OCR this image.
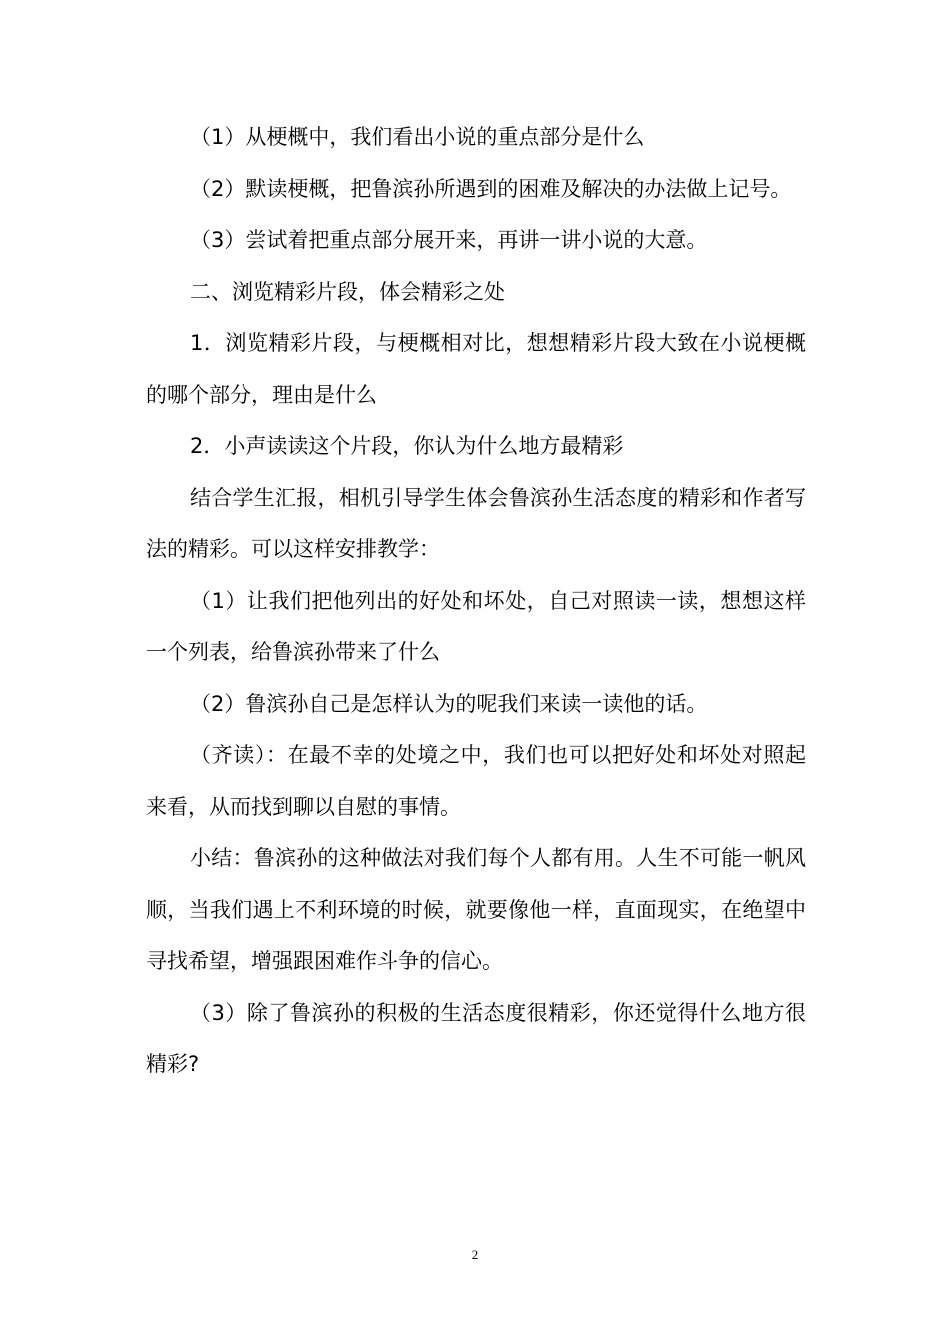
（1）从梗概中，我们看出小说的重点部分是什么

（2）默读梗概，把鲁滨孙所遇到的困难及解决的办法做上记号。

（3）尝试着把重点部分展开来，再讲一讲小说的大意。

二、浏览精彩片段，体会精彩之处

1．浏览精彩片段，与梗概相对比，想想精彩片段大致在小说梗概的哪个部分，理由是什么

2．小声读读这个片段，你认为什么地方最精彩

结合学生汇报，相机引导学生体会鲁滨孙生活态度的精彩和作者写法的精彩。可以这样安排教学：

（1）让我们把他列出的好处和坏处，自己对照读一读，想想这样一个列表，给鲁滨孙带来了什么

（2）鲁滨孙自己是怎样认为的呢我们来读一读他的话。

（齐读）：在最不幸的处境之中，我们也可以把好处和坏处对照起来看，从而找到聊以自慰的事情。

小结：鲁滨孙的这种做法对我们每个人都有用。人生不可能一帆风顺，当我们遇上不利环境的时候，就要像他一样，直面现实，在绝望中寻找希望，增强跟困难作斗争的信心。

（3）除了鲁滨孙的积极的生活态度很精彩，你还觉得什么地方很精彩?

2
